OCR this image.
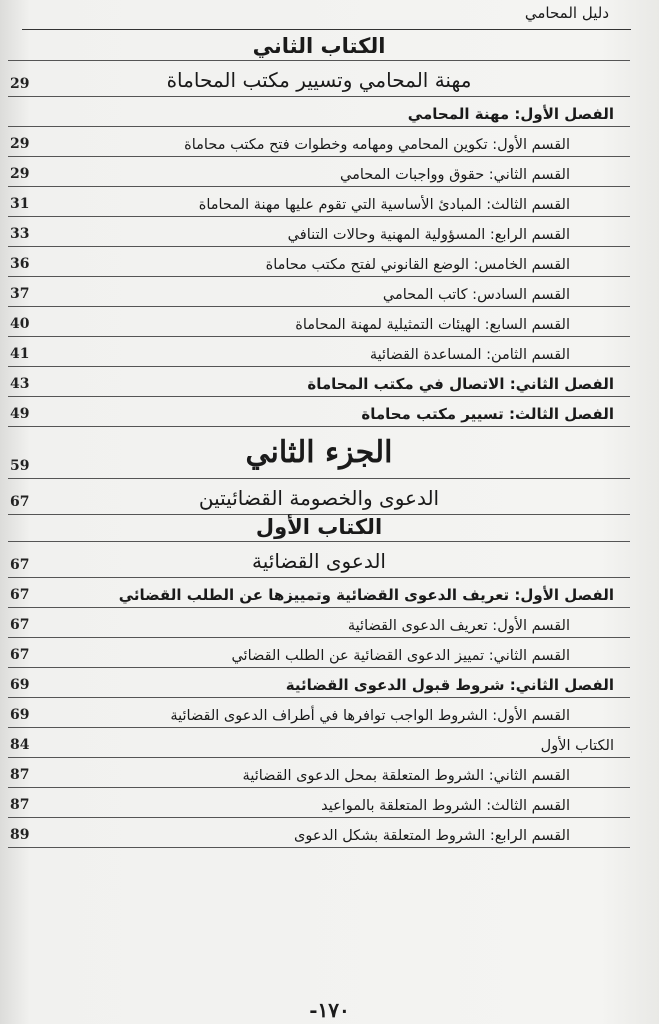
دليل المحامي
الكتاب الثاني
مهنة المحامي وتسيير مكتب المحاماة
29
الفصل الأول: مهنة المحامي
القسم الأول: تكوين المحامي ومهامه وخطوات فتح مكتب محاماة
29
القسم الثاني: حقوق وواجبات المحامي
29
القسم الثالث: المبادئ الأساسية التي تقوم عليها مهنة المحاماة
31
القسم الرابع: المسؤولية المهنية وحالات التنافي
33
القسم الخامس: الوضع القانوني لفتح مكتب محاماة
36
القسم السادس: كاتب المحامي
37
القسم السابع: الهيئات التمثيلية لمهنة المحاماة
40
القسم الثامن: المساعدة القضائية
41
الفصل الثاني: الاتصال في مكتب المحاماة
43
الفصل الثالث: تسيير مكتب محاماة
49
الجزء الثاني
59
الدعوى والخصومة القضائيتين
67
الكتاب الأول
الدعوى القضائية
67
الفصل الأول: تعريف الدعوى القضائية وتمييزها عن الطلب القضائي
67
القسم الأول: تعريف الدعوى القضائية
67
القسم الثاني: تمييز الدعوى القضائية عن الطلب القضائي
67
الفصل الثاني: شروط قبول الدعوى القضائية
69
القسم الأول: الشروط الواجب توافرها في أطراف الدعوى القضائية
69
الكتاب الأول
84
القسم الثاني: الشروط المتعلقة بمحل الدعوى القضائية
87
القسم الثالث: الشروط المتعلقة بالمواعيد
87
القسم الرابع: الشروط المتعلقة بشكل الدعوى
89
-١٧٠
